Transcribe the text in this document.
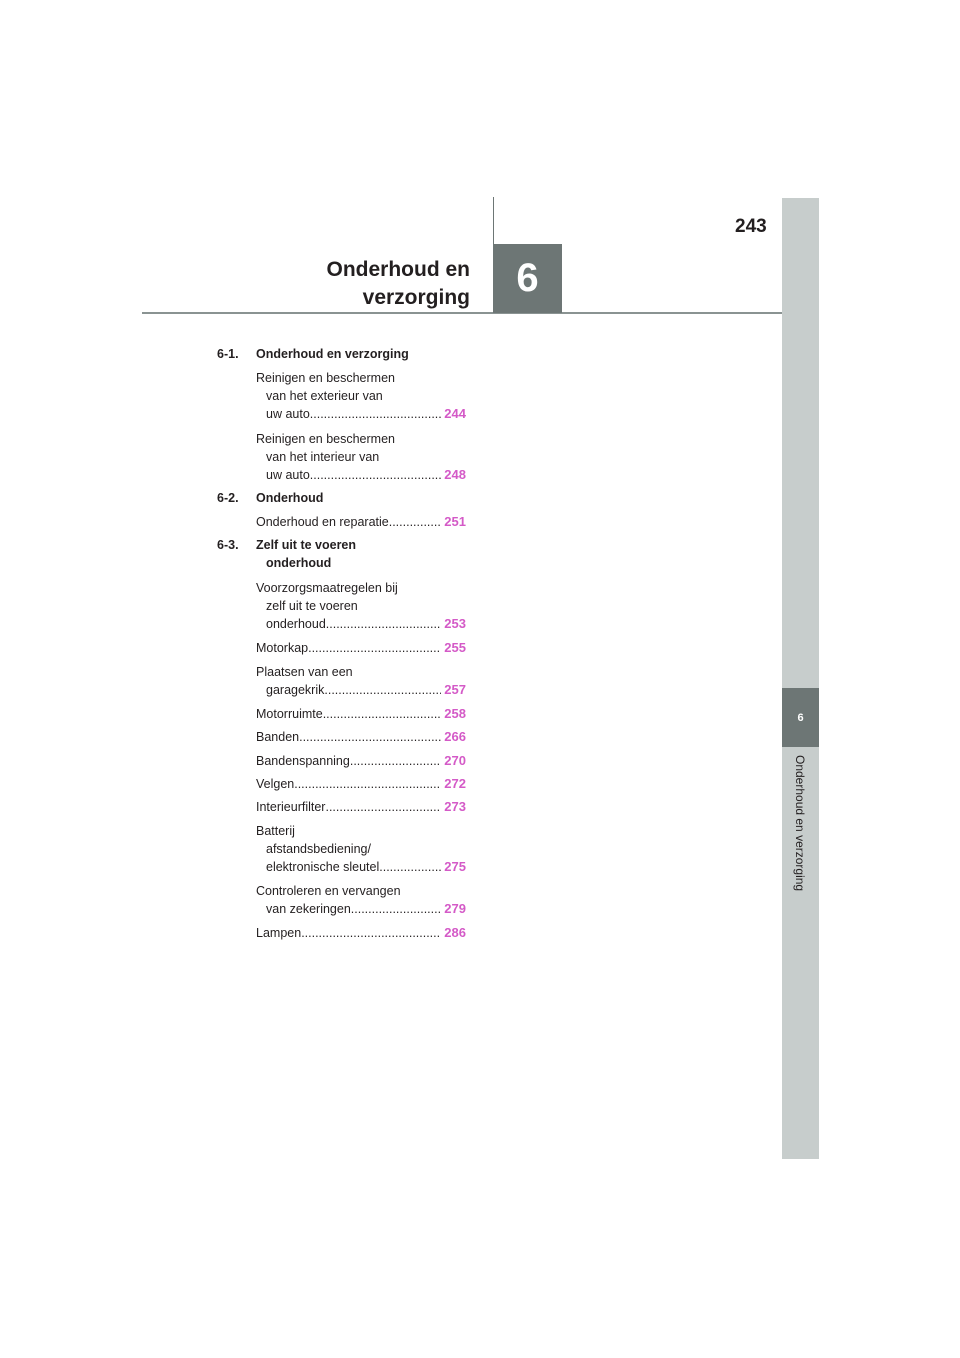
243
6
Onderhoud en
verzorging
6
Onderhoud en verzorging
6-1. Onderhoud en verzorging
Reinigen en beschermen
van het exterieur van
uw auto .....	244
Reinigen en beschermen
van het interieur van
uw auto .....	248
6-2. Onderhoud
Onderhoud en reparatie .....	251
6-3. Zelf uit te voeren
onderhoud
Voorzorgsmaatregelen bij
zelf uit te voeren
onderhoud .....	253
Motorkap .....	255
Plaatsen van een
garagekrik .....	257
Motorruimte .....	258
Banden .....	266
Bandenspanning .....	270
Velgen .....	272
Interieurfilter .....	273
Batterij
afstandsbediening/
elektronische sleutel .....	275
Controleren en vervangen
van zekeringen .....	279
Lampen .....	286
